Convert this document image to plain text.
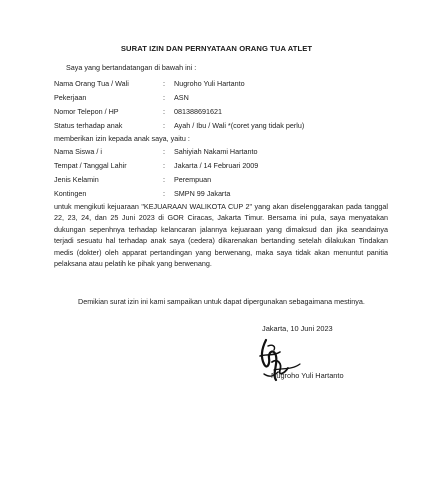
SURAT IZIN DAN PERNYATAAN ORANG TUA ATLET
Saya yang bertandatangan di bawah ini :
Nama Orang Tua / Wali	: Nugroho Yuli Hartanto
Pekerjaan	: ASN
Nomor Telepon / HP	: 081388691621
Status terhadap anak	: Ayah / Ibu / Wali *(coret yang tidak perlu)
memberikan izin kepada anak saya, yaitu :
Nama Siswa / i	: Sahiyiah Nakami Hartanto
Tempat / Tanggal Lahir	: Jakarta / 14 Februari 2009
Jenis Kelamin	: Perempuan
Kontingen	: SMPN 99 Jakarta
untuk mengikuti kejuaraan "KEJUARAAN WALIKOTA CUP 2" yang akan diselenggarakan pada tanggal 22, 23, 24, dan 25 Juni 2023 di GOR Ciracas, Jakarta Timur. Bersama ini pula, saya menyatakan dukungan sepenhnya terhadap kelancaran jalannya kejuaraan yang dimaksud dan jika seandainya terjadi sesuatu hal terhadap anak saya (cedera) dikarenakan bertanding setelah dilakukan Tindakan medis (dokter) oleh apparat pertandingan yang berwenang, maka saya tidak akan menuntut panitia pelaksana atau pelatih ke pihak yang berwenang.
Demikian surat izin ini kami sampaikan untuk dapat dipergunakan sebagaimana mestinya.
Jakarta, 10 Juni 2023
Nugroho Yuli Hartanto
